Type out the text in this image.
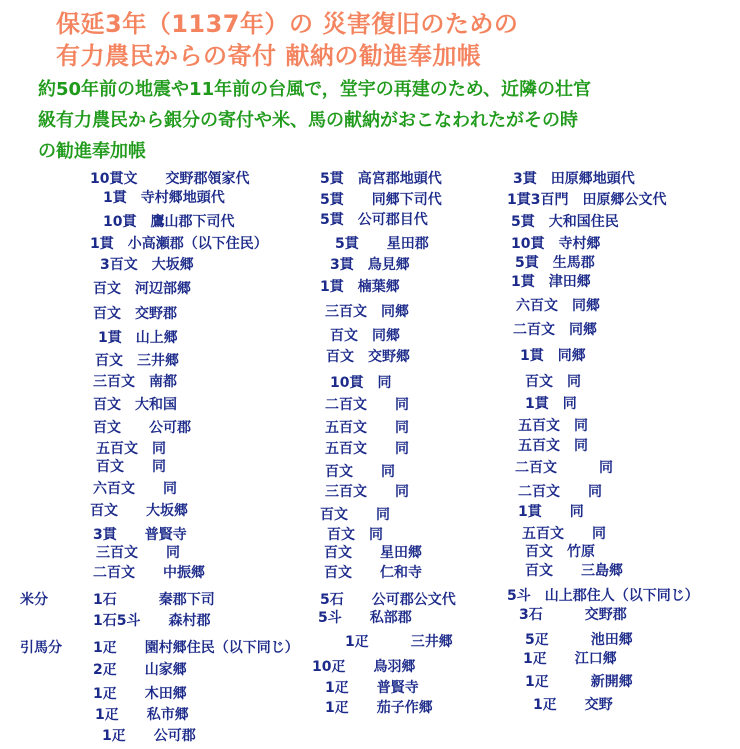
保延3年（1137年）の 災害復旧のための
有力農民からの寄付 献納の勧進奉加帳
約50年前の地震や11年前の台風で，堂宇の再建のため、近隣の壮官
級有力農民から銀分の寄付や米、馬の献納がおこなわれたがその時
の勧進奉加帳
米分
引馬分
10貫文　　交野郡領家代
1貫　寺村郷地頭代
10貫　鷹山郡下司代
1貫　小高瀬郡（以下住民）
3百文　大坂郷
百文　河辺部郷
百文　交野郡
1貫　山上郷
百文　三井郷
三百文　南都
百文　大和国
百文　　公可郡
五百文　同
百文　　同
六百文　　同
百文　　大坂郷
3貫　　普賢寺
三百文　　同
二百文　　中振郷
1石　　　秦郡下司
1石5斗　　森村郡
1疋　　園村郷住民（以下同じ）
2疋　　山家郷
1疋　　木田郷
1疋　　私市郷
1疋　　公可郡
5貫　高宮郡地頭代
5貫　　同郷下司代
5貫　公可郡目代
5貫　　星田郡
3貫　鳥見郷
1貫　楠葉郷
三百文　同郷
百文　同郷
百文　交野郷
10貫　同
二百文　　同
五百文　　同
五百文　　同
百文　　同
三百文　　同
百文　　同
百文　同
百文　　星田郷
百文　　仁和寺
5石　　公可郡公文代
5斗　　私部郡
1疋　　　三井郷
10疋　　鳥羽郷
1疋　　普賢寺
1疋　　茄子作郷
3貫　田原郷地頭代
1貫3百門　田原郷公文代
5貫　大和国住民
10貫　寺村郷
5貫　生馬郡
1貫　津田郷
六百文　同郷
二百文　同郷
1貫　同郷
百文　同
1貫　同
五百文　同
五百文　同
二百文　　　同
二百文　　同
1貫　　同
五百文　　同
百文　竹原
百文　　三島郷
5斗　山上郡住人（以下同じ）
3石　　　交野郡
5疋　　　池田郷
1疋　　江口郷
1疋　　　新開郷
1疋　　交野
